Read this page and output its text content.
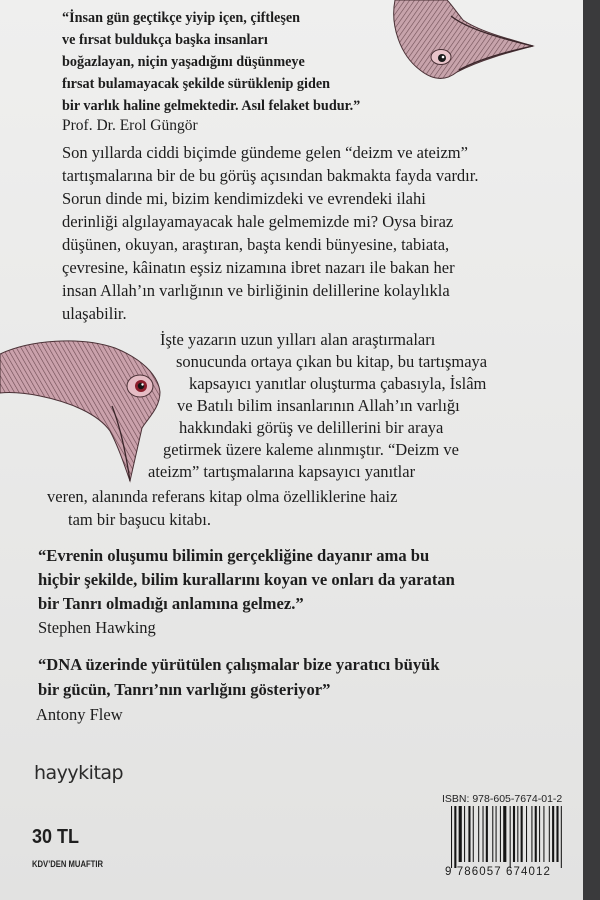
“İnsan gün geçtikçe yiyip içen, çiftleşen
ve fırsat buldukça başka insanları
boğazlayan, niçin yaşadığını düşünmeye
fırsat bulamayacak şekilde sürüklenip giden
bir varlık haline gelmektedir. Asıl felaket budur.”
Prof. Dr. Erol Güngör
Son yıllarda ciddi biçimde gündeme gelen “deizm ve ateizm”
tartışmalarına bir de bu görüş açısından bakmakta fayda vardır.
Sorun dinde mi, bizim kendimizdeki ve evrendeki ilahi
derinliği algılayamayacak hale gelmemizde mi? Oysa biraz
düşünen, okuyan, araştıran, başta kendi bünyesine, tabiata,
çevresine, kâinatın eşsiz nizamına ibret nazarı ile bakan her
insan Allah’ın varlığının ve birliğinin delillerine kolaylıkla
ulaşabilir.
İşte yazarın uzun yılları alan araştırmaları
sonucunda ortaya çıkan bu kitap, bu tartışmaya
kapsayıcı yanıtlar oluşturma çabasıyla, İslâm
ve Batılı bilim insanlarının Allah’ın varlığı
hakkındaki görüş ve delillerini bir araya
getirmek üzere kaleme alınmıştır. “Deizm ve
ateizm” tartışmalarına kapsayıcı yanıtlar
veren, alanında referans kitap olma özelliklerine haiz
tam bir başucu kitabı.
“Evrenin oluşumu bilimin gerçekliğine dayanır ama bu
hiçbir şekilde, bilim kurallarını koyan ve onları da yaratan
bir Tanrı olmadığı anlamına gelmez.”
Stephen Hawking
“DNA üzerinde yürütülen çalışmalar bize yaratıcı büyük
bir gücün, Tanrı’nın varlığını gösteriyor”
Antony Flew
hayykitap
30 TL
KDV’DEN MUAFTIR
ISBN: 978-605-7674-01-2
9 786057 674012
